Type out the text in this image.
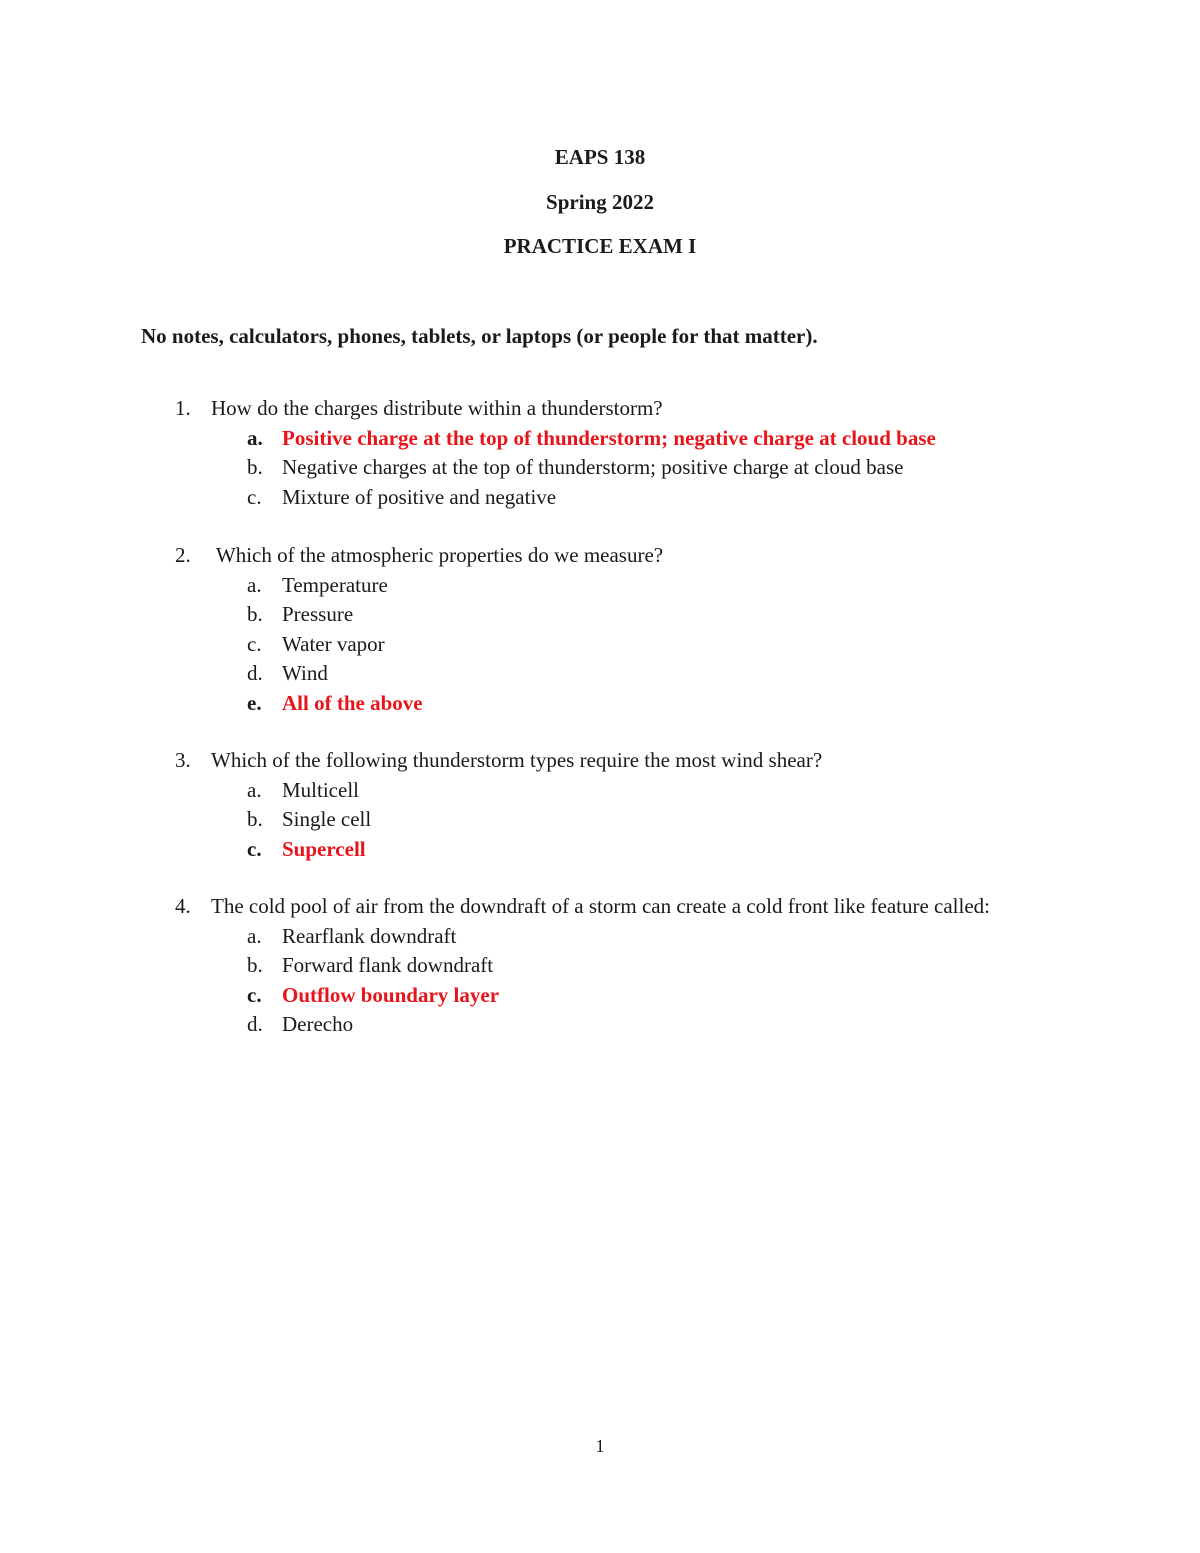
EAPS 138
Spring 2022
PRACTICE EXAM I
No notes, calculators, phones, tablets, or laptops (or people for that matter).
1. How do the charges distribute within a thunderstorm?
a. Positive charge at the top of thunderstorm; negative charge at cloud base
b. Negative charges at the top of thunderstorm; positive charge at cloud base
c. Mixture of positive and negative
2. Which of the atmospheric properties do we measure?
a. Temperature
b. Pressure
c. Water vapor
d. Wind
e. All of the above
3. Which of the following thunderstorm types require the most wind shear?
a. Multicell
b. Single cell
c. Supercell
4. The cold pool of air from the downdraft of a storm can create a cold front like feature called:
a. Rearflank downdraft
b. Forward flank downdraft
c. Outflow boundary layer
d. Derecho
1
